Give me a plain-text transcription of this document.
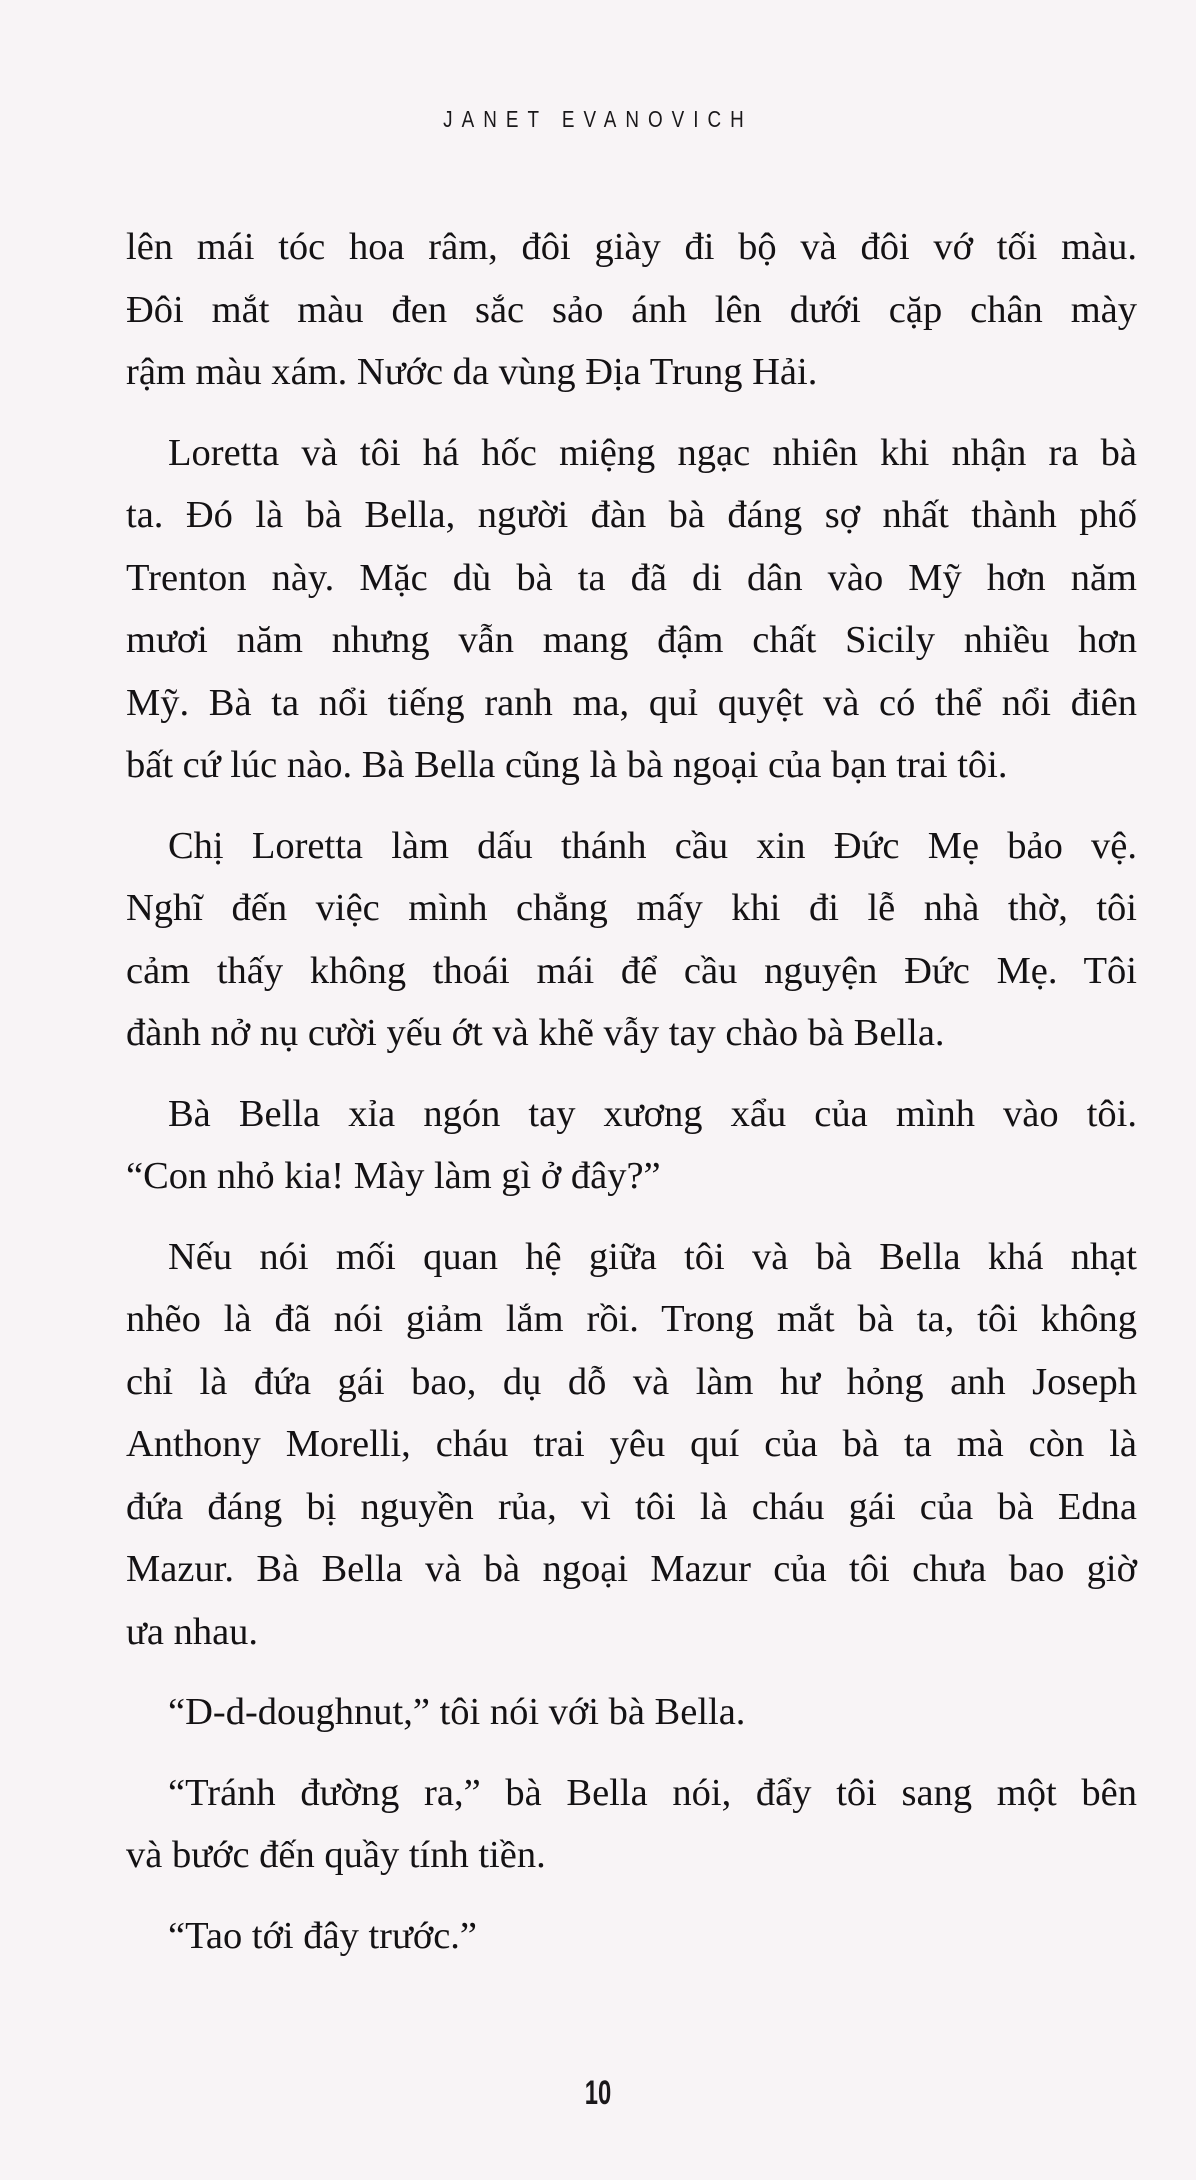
JANET EVANOVICH
lên mái tóc hoa râm, đôi giày đi bộ và đôi vớ tối màu.
Đôi mắt màu đen sắc sảo ánh lên dưới cặp chân mày
rậm màu xám. Nước da vùng Địa Trung Hải.
Loretta và tôi há hốc miệng ngạc nhiên khi nhận ra bà
ta. Đó là bà Bella, người đàn bà đáng sợ nhất thành phố
Trenton này. Mặc dù bà ta đã di dân vào Mỹ hơn năm
mươi năm nhưng vẫn mang đậm chất Sicily nhiều hơn
Mỹ. Bà ta nổi tiếng ranh ma, quỉ quyệt và có thể nổi điên
bất cứ lúc nào. Bà Bella cũng là bà ngoại của bạn trai tôi.
Chị Loretta làm dấu thánh cầu xin Đức Mẹ bảo vệ.
Nghĩ đến việc mình chẳng mấy khi đi lễ nhà thờ, tôi
cảm thấy không thoái mái để cầu nguyện Đức Mẹ. Tôi
đành nở nụ cười yếu ớt và khẽ vẫy tay chào bà Bella.
Bà Bella xỉa ngón tay xương xẩu của mình vào tôi.
“Con nhỏ kia! Mày làm gì ở đây?”
Nếu nói mối quan hệ giữa tôi và bà Bella khá nhạt
nhẽo là đã nói giảm lắm rồi. Trong mắt bà ta, tôi không
chỉ là đứa gái bao, dụ dỗ và làm hư hỏng anh Joseph
Anthony Morelli, cháu trai yêu quí của bà ta mà còn là
đứa đáng bị nguyền rủa, vì tôi là cháu gái của bà Edna
Mazur. Bà Bella và bà ngoại Mazur của tôi chưa bao giờ
ưa nhau.
“D-d-doughnut,” tôi nói với bà Bella.
“Tránh đường ra,” bà Bella nói, đẩy tôi sang một bên
và bước đến quầy tính tiền.
“Tao tới đây trước.”
10
